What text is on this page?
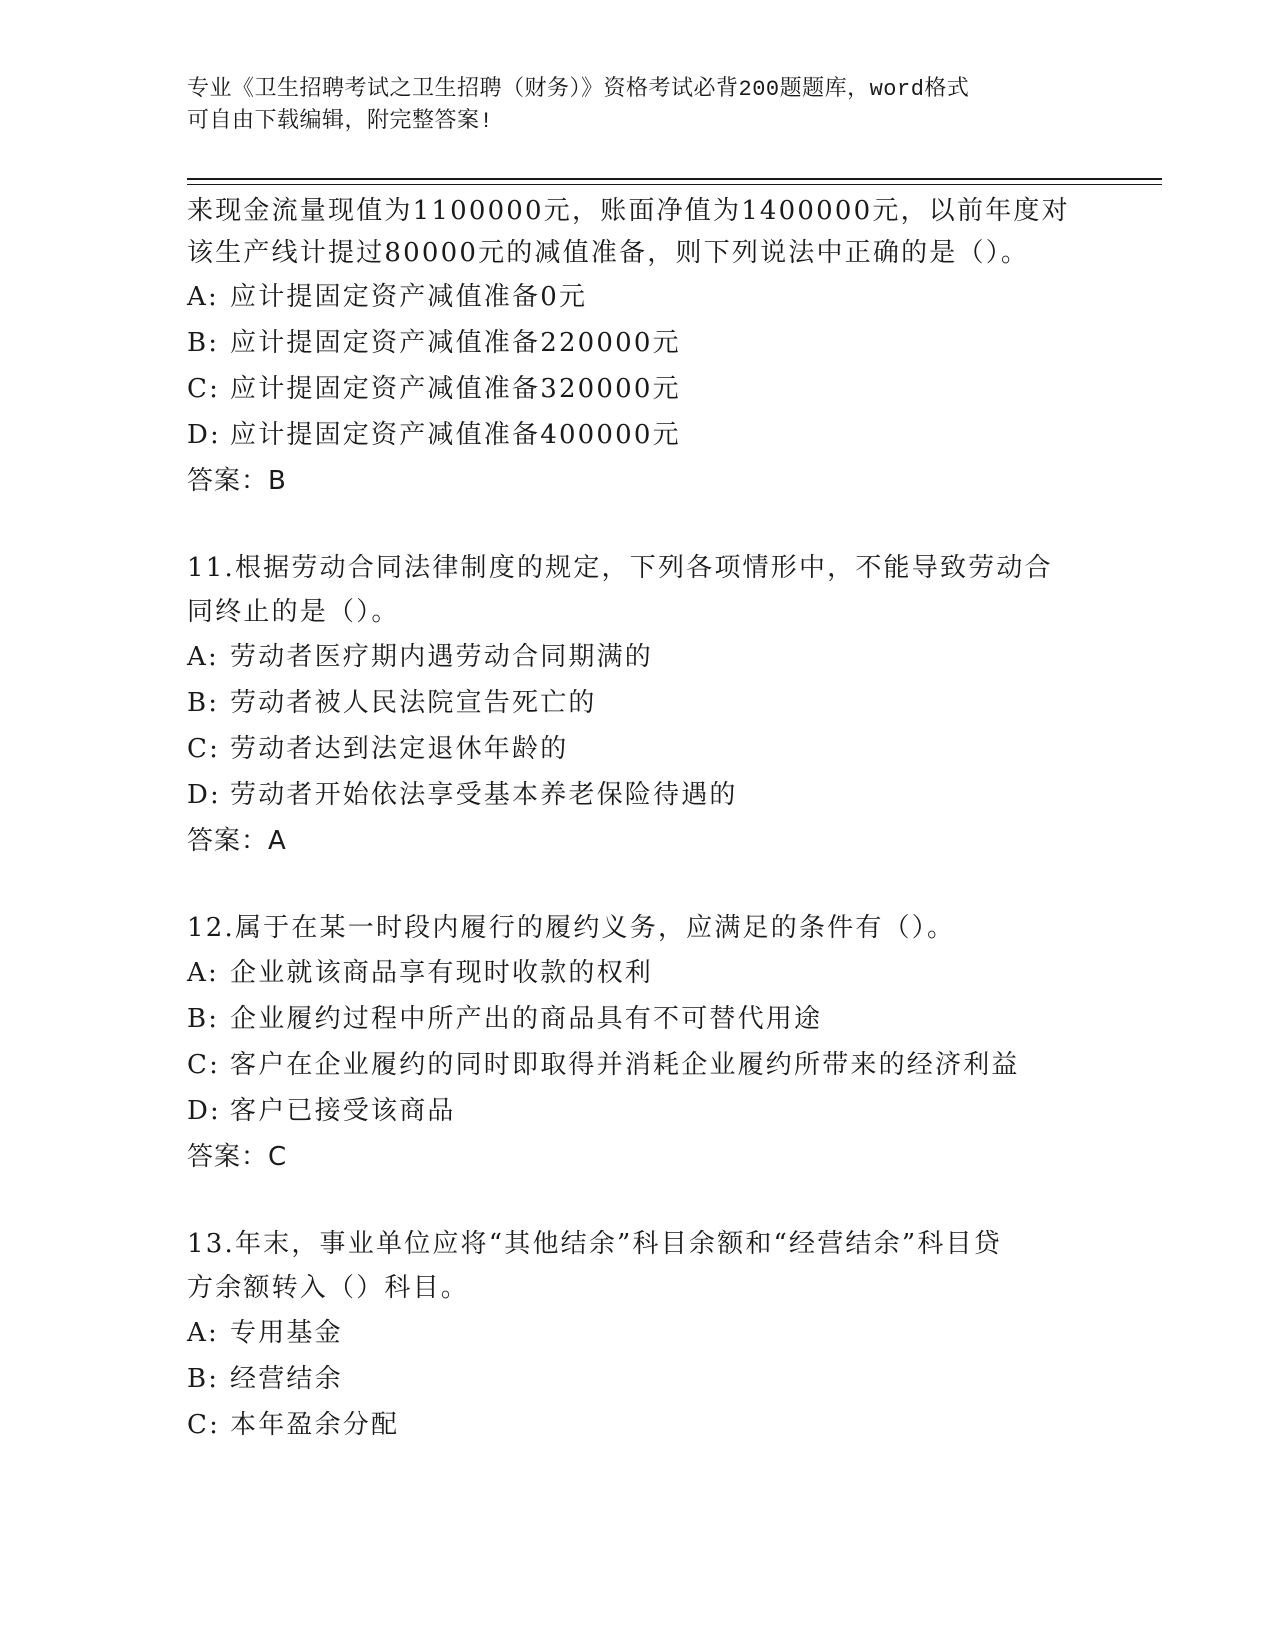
专业《卫生招聘考试之卫生招聘（财务）》资格考试必背200题题库，word格式
可自由下载编辑，附完整答案!
来现金流量现值为1100000元，账面净值为1400000元，以前年度对
该生产线计提过80000元的减值准备，则下列说法中正确的是（）。
A: 应计提固定资产减值准备0元
B: 应计提固定资产减值准备220000元
C: 应计提固定资产减值准备320000元
D: 应计提固定资产减值准备400000元
答案：B
11.根据劳动合同法律制度的规定，下列各项情形中，不能导致劳动合
同终止的是（）。
A: 劳动者医疗期内遇劳动合同期满的
B: 劳动者被人民法院宣告死亡的
C: 劳动者达到法定退休年龄的
D: 劳动者开始依法享受基本养老保险待遇的
答案：A
12.属于在某一时段内履行的履约义务，应满足的条件有（）。
A: 企业就该商品享有现时收款的权利
B: 企业履约过程中所产出的商品具有不可替代用途
C: 客户在企业履约的同时即取得并消耗企业履约所带来的经济利益
D: 客户已接受该商品
答案：C
13.年末，事业单位应将“其他结余”科目余额和“经营结余”科目贷
方余额转入（）科目。
A: 专用基金
B: 经营结余
C: 本年盈余分配
